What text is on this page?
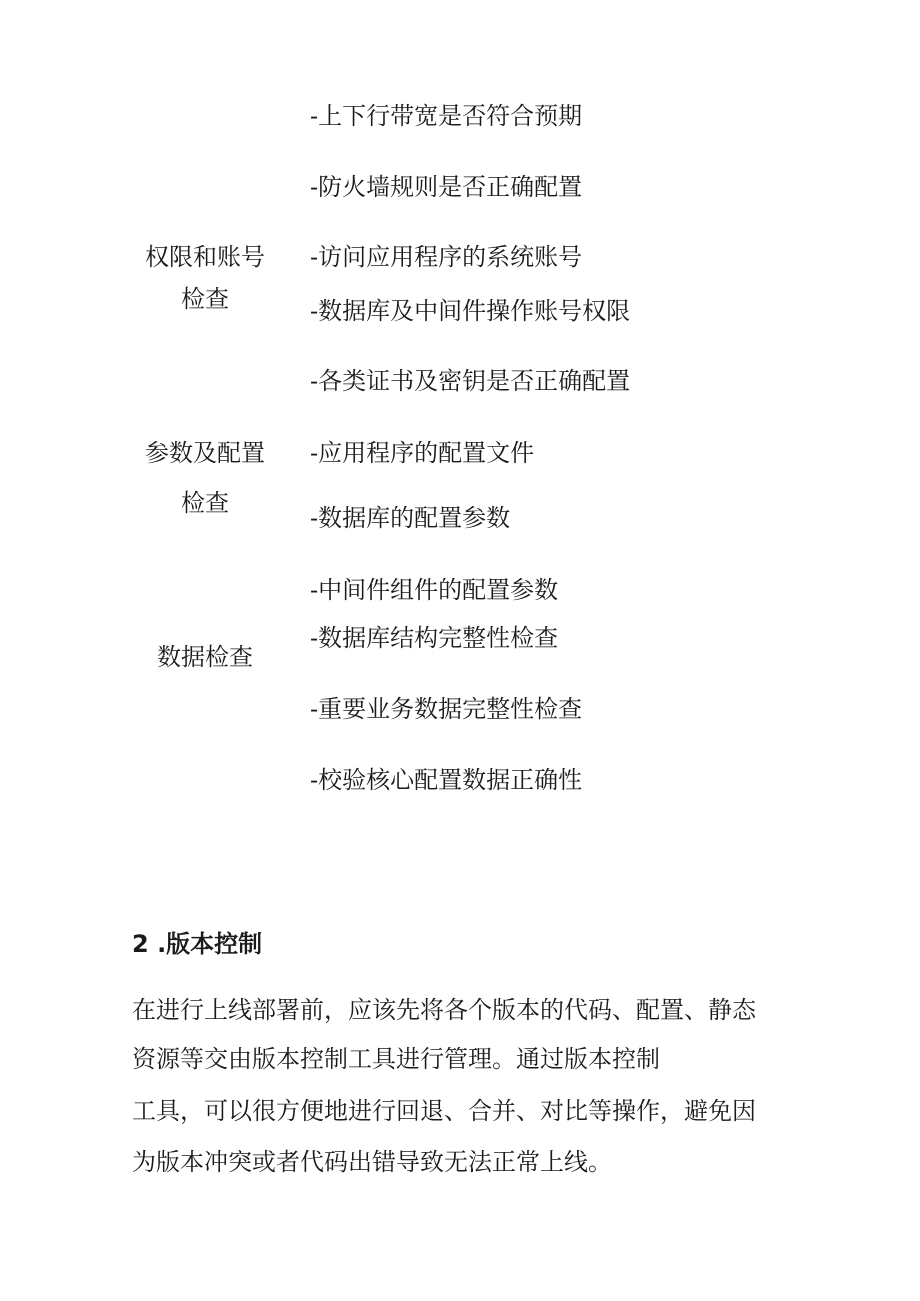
-上下行带宽是否符合预期
-防火墙规则是否正确配置
权限和账号
检查
-访问应用程序的系统账号
-数据库及中间件操作账号权限
-各类证书及密钥是否正确配置
参数及配置
检查
-应用程序的配置文件
-数据库的配置参数
-中间件组件的配置参数
数据检查
-数据库结构完整性检查
-重要业务数据完整性检查
-校验核心配置数据正确性
2 .版本控制
在进行上线部署前，应该先将各个版本的代码、配置、静态
资源等交由版本控制工具进行管理。通过版本控制
工具，可以很方便地进行回退、合并、对比等操作，避免因
为版本冲突或者代码出错导致无法正常上线。
